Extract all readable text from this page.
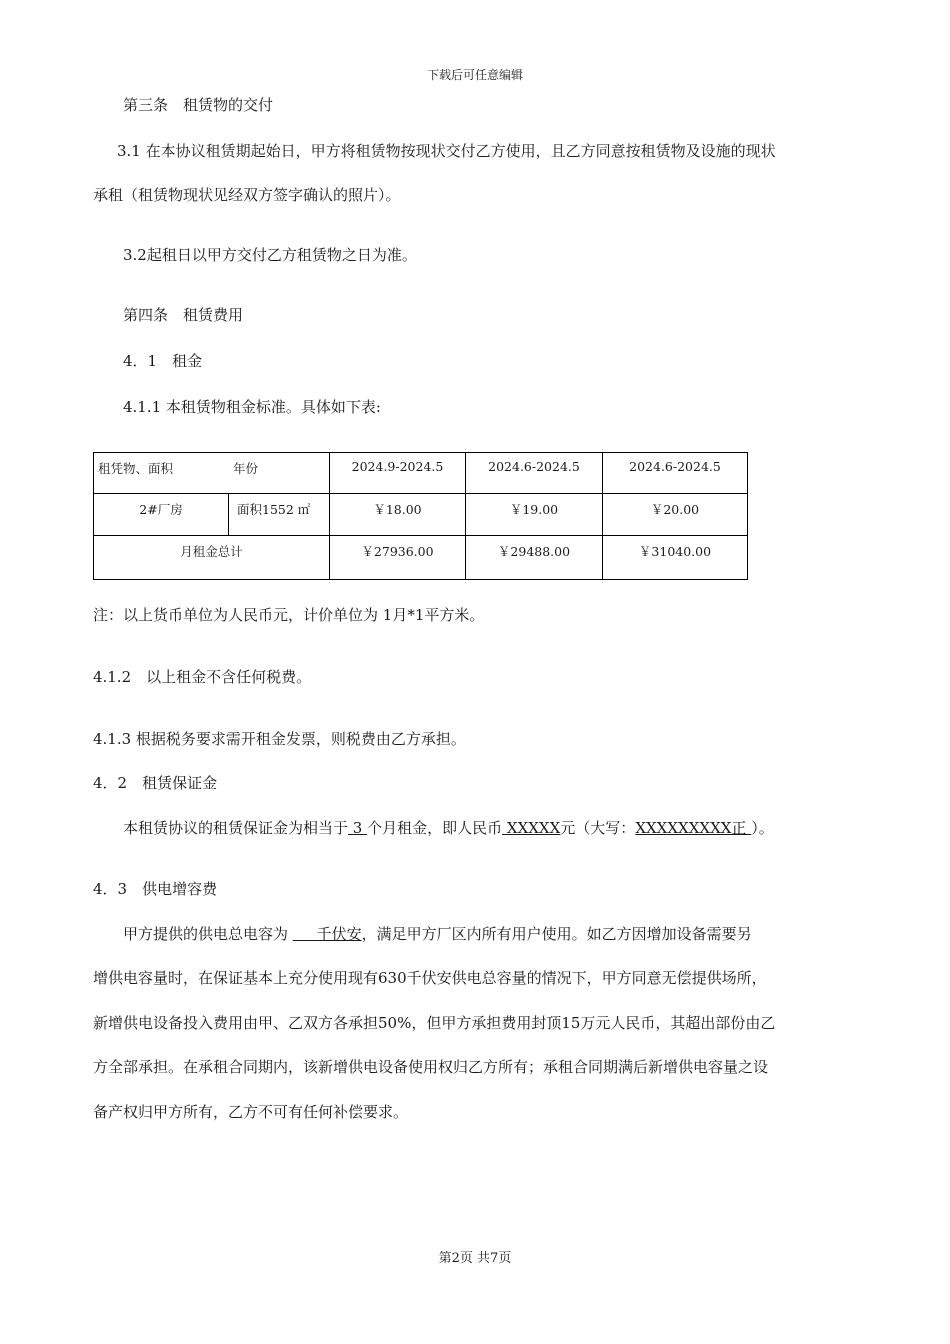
下载后可任意编辑
第三条　租赁物的交付
3.1 在本协议租赁期起始日，甲方将租赁物按现状交付乙方使用，且乙方同意按租赁物及设施的现状
承租（租赁物现状见经双方签字确认的照片）。
3.2起租日以甲方交付乙方租赁物之日为准。
第四条　租赁费用
4．1　租金
4.1.1 本租赁物租金标准。具体如下表:
租凭物、面积 年份		2024.9-2024.5	2024.6-2024.5	2024.6-2024.5
2#厂房	面积1552 ㎡	￥18.00	￥19.00	￥20.00
月租金总计		￥27936.00	￥29488.00	￥31040.00
注：以上货币单位为人民币元，计价单位为 1月*1平方米。
4.1.2　以上租金不含任何税费。
4.1.3 根据税务要求需开租金发票，则税费由乙方承担。
4．2　租赁保证金
本租赁协议的租赁保证金为相当于 3 个月租金，即人民币 XXXXX元（大写：XXXXXXXXX正 ）。
4．3　供电增容费
甲方提供的供电总电容为      千伏安，满足甲方厂区内所有用户使用。如乙方因增加设备需要另
增供电容量时，在保证基本上充分使用现有630千伏安供电总容量的情况下，甲方同意无偿提供场所，
新增供电设备投入费用由甲、乙双方各承担50%，但甲方承担费用封顶15万元人民币，其超出部份由乙
方全部承担。在承租合同期内，该新增供电设备使用权归乙方所有；承租合同期满后新增供电容量之设
备产权归甲方所有，乙方不可有任何补偿要求。
第2页 共7页
